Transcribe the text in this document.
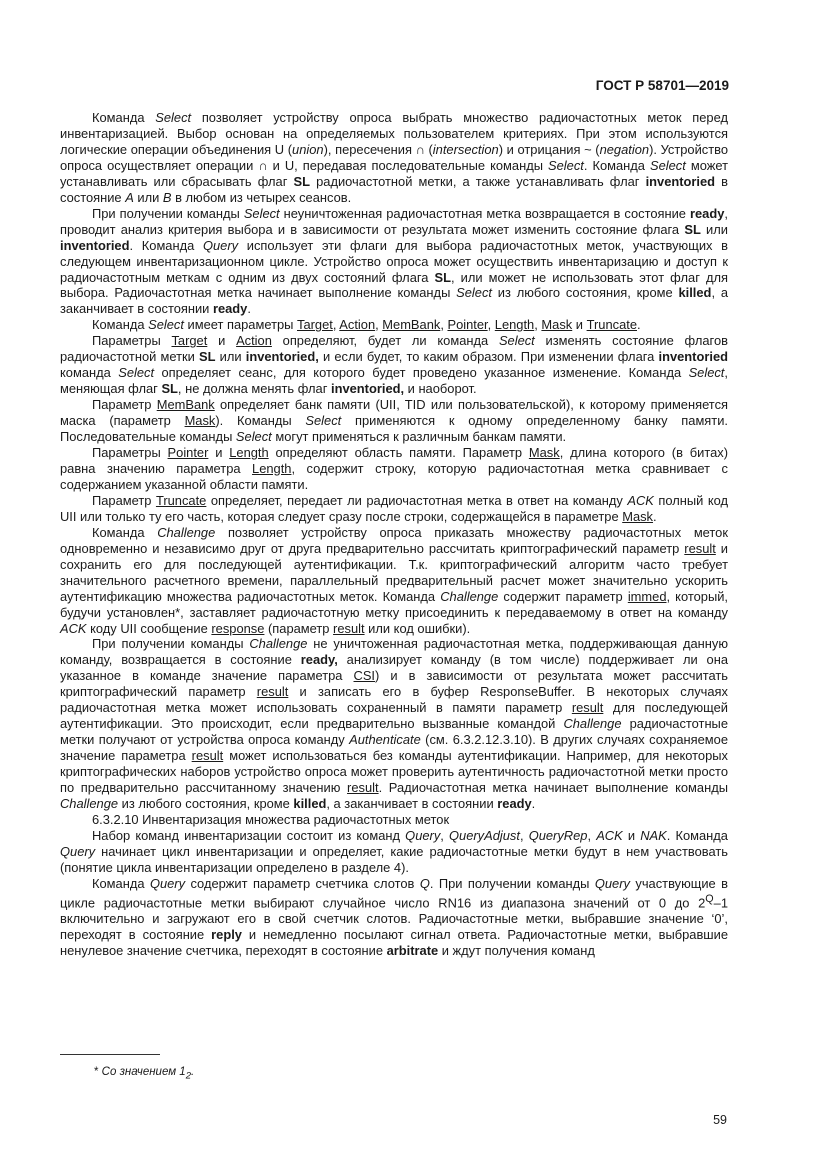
ГОСТ Р 58701—2019

Команда Select позволяет устройству опроса выбрать множество радиочастотных меток перед инвентаризацией. Выбор основан на определяемых пользователем критериях. При этом используются логические операции объединения U (union), пересечения ∩ (intersection) и отрицания ~ (negation). Устройство опроса осуществляет операции ∩ и U, передавая последовательные команды Select. Команда Select может устанавливать или сбрасывать флаг SL радиочастотной метки, а также устанавливать флаг inventoried в состояние A или B в любом из четырех сеансов.

При получении команды Select неуничтоженная радиочастотная метка возвращается в состояние ready, проводит анализ критерия выбора и в зависимости от результата может изменить состояние флага SL или inventoried. Команда Query использует эти флаги для выбора радиочастотных меток, участвующих в следующем инвентаризационном цикле. Устройство опроса может осуществить инвентаризацию и доступ к радиочастотным меткам с одним из двух состояний флага SL, или может не использовать этот флаг для выбора. Радиочастотная метка начинает выполнение команды Select из любого состояния, кроме killed, а заканчивает в состоянии ready.

Команда Select имеет параметры Target, Action, MemBank, Pointer, Length, Mask и Truncate.

Параметры Target и Action определяют, будет ли команда Select изменять состояние флагов радиочастотной метки SL или inventoried, и если будет, то каким образом. При изменении флага inventoried команда Select определяет сеанс, для которого будет проведено указанное изменение. Команда Select, меняющая флаг SL, не должна менять флаг inventoried, и наоборот.

Параметр MemBank определяет банк памяти (UII, TID или пользовательской), к которому применяется маска (параметр Mask). Команды Select применяются к одному определенному банку памяти. Последовательные команды Select могут применяться к различным банкам памяти.

Параметры Pointer и Length определяют область памяти. Параметр Mask, длина которого (в битах) равна значению параметра Length, содержит строку, которую радиочастотная метка сравнивает с содержанием указанной области памяти.

Параметр Truncate определяет, передает ли радиочастотная метка в ответ на команду ACK полный код UII или только ту его часть, которая следует сразу после строки, содержащейся в параметре Mask.

Команда Challenge позволяет устройству опроса приказать множеству радиочастотных меток одновременно и независимо друг от друга предварительно рассчитать криптографический параметр result и сохранить его для последующей аутентификации. Т.к. криптографический алгоритм часто требует значительного расчетного времени, параллельный предварительный расчет может значительно ускорить аутентификацию множества радиочастотных меток. Команда Challenge содержит параметр immed, который, будучи установлен*, заставляет радиочастотную метку присоединить к передаваемому в ответ на команду ACK коду UII сообщение response (параметр result или код ошибки).

При получении команды Challenge не уничтоженная радиочастотная метка, поддерживающая данную команду, возвращается в состояние ready, анализирует команду (в том числе) поддерживает ли она указанное в команде значение параметра CSI) и в зависимости от результата может рассчитать криптографический параметр result и записать его в буфер ResponseBuffer. В некоторых случаях радиочастотная метка может использовать сохраненный в памяти параметр result для последующей аутентификации. Это происходит, если предварительно вызванные командой Challenge радиочастотные метки получают от устройства опроса команду Authenticate (см. 6.3.2.12.3.10). В других случаях сохраняемое значение параметра result может использоваться без команды аутентификации. Например, для некоторых криптографических наборов устройство опроса может проверить аутентичность радиочастотной метки просто по предварительно рассчитанному значению result. Радиочастотная метка начинает выполнение команды Challenge из любого состояния, кроме killed, а заканчивает в состоянии ready.

6.3.2.10 Инвентаризация множества радиочастотных меток

Набор команд инвентаризации состоит из команд Query, QueryAdjust, QueryRep, ACK и NAK. Команда Query начинает цикл инвентаризации и определяет, какие радиочастотные метки будут в нем участвовать (понятие цикла инвентаризации определено в разделе 4).

Команда Query содержит параметр счетчика слотов Q. При получении команды Query участвующие в цикле радиочастотные метки выбирают случайное число RN16 из диапазона значений от 0 до $2^Q-1$ включительно и загружают его в свой счетчик слотов. Радиочастотные метки, выбравшие значение ‘0’, переходят в состояние reply и немедленно посылают сигнал ответа. Радиочастотные метки, выбравшие ненулевое значение счетчика, переходят в состояние arbitrate и ждут получения команд

* Со значением $1_2$.
59
